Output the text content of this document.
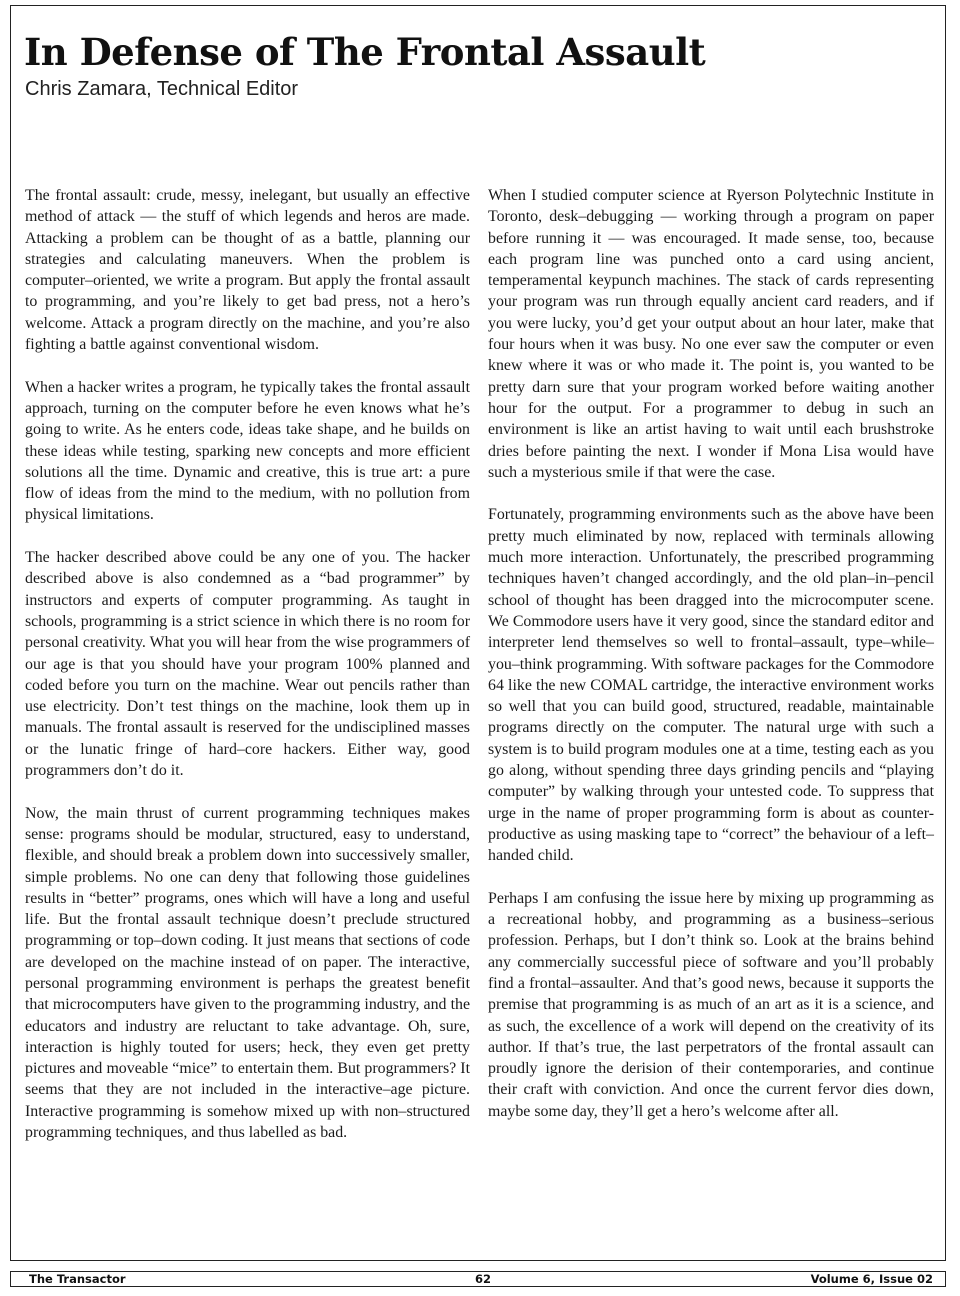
In Defense of The Frontal Assault
Chris Zamara, Technical Editor

The frontal assault: crude, messy, inelegant, but usually an effective method of attack — the stuff of which legends and heros are made. Attacking a problem can be thought of as a battle, planning our strategies and calculating maneuvers. When the problem is computer–oriented, we write a program. But apply the frontal assault to programming, and you’re likely to get bad press, not a hero’s welcome. Attack a program directly on the machine, and you’re also fighting a battle against conventional wisdom.

When a hacker writes a program, he typically takes the frontal assault approach, turning on the computer before he even knows what he’s going to write. As he enters code, ideas take shape, and he builds on these ideas while testing, sparking new concepts and more efficient solutions all the time. Dynamic and creative, this is true art: a pure flow of ideas from the mind to the medium, with no pollution from physical limitations.

The hacker described above could be any one of you. The hacker described above is also condemned as a “bad programmer” by instructors and experts of computer programming. As taught in schools, programming is a strict science in which there is no room for personal creativity. What you will hear from the wise programmers of our age is that you should have your program 100% planned and coded before you turn on the machine. Wear out pencils rather than use electricity. Don’t test things on the machine, look them up in manuals. The frontal assault is reserved for the undisciplined masses or the lunatic fringe of hard–core hackers. Either way, good programmers don’t do it.

Now, the main thrust of current programming techniques makes sense: programs should be modular, structured, easy to understand, flexible, and should break a problem down into successively smaller, simple problems. No one can deny that following those guidelines results in “better” programs, ones which will have a long and useful life. But the frontal assault technique doesn’t preclude structured programming or top–down coding. It just means that sections of code are developed on the machine instead of on paper. The interactive, personal programming environment is perhaps the greatest benefit that microcomputers have given to the programming industry, and the educators and industry are reluctant to take advantage. Oh, sure, interaction is highly touted for users; heck, they even get pretty pictures and moveable “mice” to entertain them. But programmers? It seems that they are not included in the interactive–age picture. Interactive programming is somehow mixed up with non–structured programming techniques, and thus labelled as bad.

When I studied computer science at Ryerson Polytechnic Institute in Toronto, desk–debugging — working through a program on paper before running it — was encouraged. It made sense, too, because each program line was punched onto a card using ancient, temperamental keypunch machines. The stack of cards representing your program was run through equally ancient card readers, and if you were lucky, you’d get your output about an hour later, make that four hours when it was busy. No one ever saw the computer or even knew where it was or who made it. The point is, you wanted to be pretty darn sure that your program worked before waiting another hour for the output. For a programmer to debug in such an environment is like an artist having to wait until each brushstroke dries before painting the next. I wonder if Mona Lisa would have such a mysterious smile if that were the case.

Fortunately, programming environments such as the above have been pretty much eliminated by now, replaced with terminals allowing much more interaction. Unfortunately, the prescribed programming techniques haven’t changed accordingly, and the old plan–in–pencil school of thought has been dragged into the microcomputer scene. We Commodore users have it very good, since the standard editor and interpreter lend themselves so well to frontal–assault, type–while–you–think programming. With software packages for the Commodore 64 like the new COMAL cartridge, the interactive environment works so well that you can build good, structured, readable, maintainable programs directly on the computer. The natural urge with such a system is to build program modules one at a time, testing each as you go along, without spending three days grinding pencils and “playing computer” by walking through your untested code. To suppress that urge in the name of proper programming form is about as counter-productive as using masking tape to “correct” the behaviour of a left–handed child.

Perhaps I am confusing the issue here by mixing up programming as a recreational hobby, and programming as a business–serious profession. Perhaps, but I don’t think so. Look at the brains behind any commercially successful piece of software and you’ll probably find a frontal–assaulter. And that’s good news, because it supports the premise that programming is as much of an art as it is a science, and as such, the excellence of a work will depend on the creativity of its author. If that’s true, the last perpetrators of the frontal assault can proudly ignore the derision of their contemporaries, and continue their craft with conviction. And once the current fervor dies down, maybe some day, they’ll get a hero’s welcome after all.

The Transactor	62	Volume 6, Issue 02
